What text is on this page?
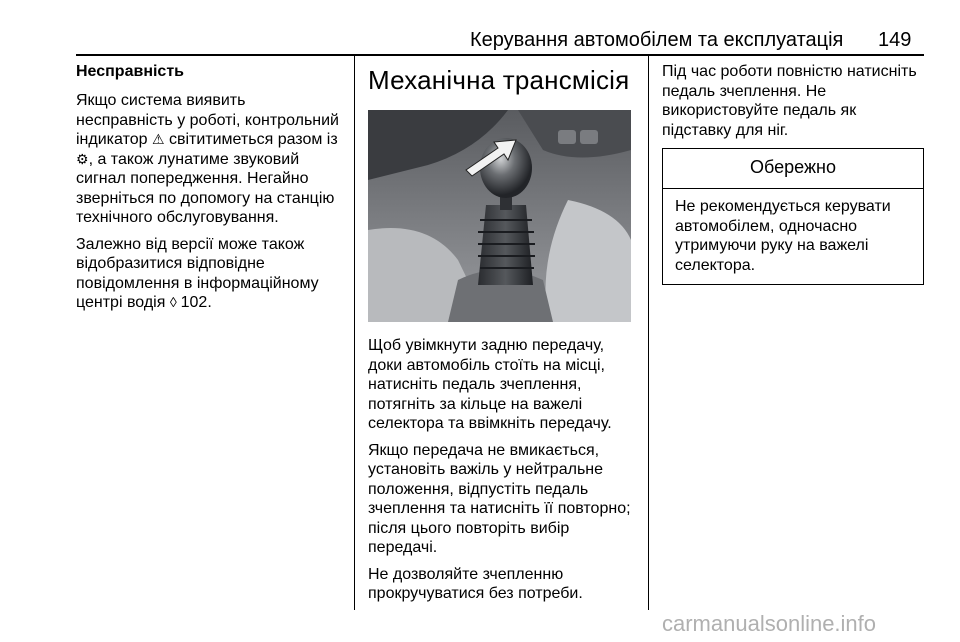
Керування автомобілем та експлуатація 149
Несправність

Якщо система виявить несправність у роботі, контрольний індикатор ⚠ світитиметься разом із ⚙, а також лунатиме звуковий сигнал попередження. Негайно зверніться по допомогу на станцію технічного обслуговування.

Залежно від версії може також відобразитися відповідне повідомлення в інформаційному центрі водія ◊ 102.

Механічна трансмісія

Щоб увімкнути задню передачу, доки автомобіль стоїть на місці, натисніть педаль зчеплення, потягніть за кільце на важелі селектора та ввімкніть передачу.

Якщо передача не вмикається, установіть важіль у нейтральне положення, відпустіть педаль зчеплення та натисніть її повторно; після цього повторіть вибір передачі.

Не дозволяйте зчепленню прокручуватися без потреби.

Під час роботи повністю натисніть педаль зчеплення. Не використовуйте педаль як підставку для ніг.

Обережно
Не рекомендується керувати автомобілем, одночасно утримуючи руку на важелі селектора.
carmanualsonline.info
